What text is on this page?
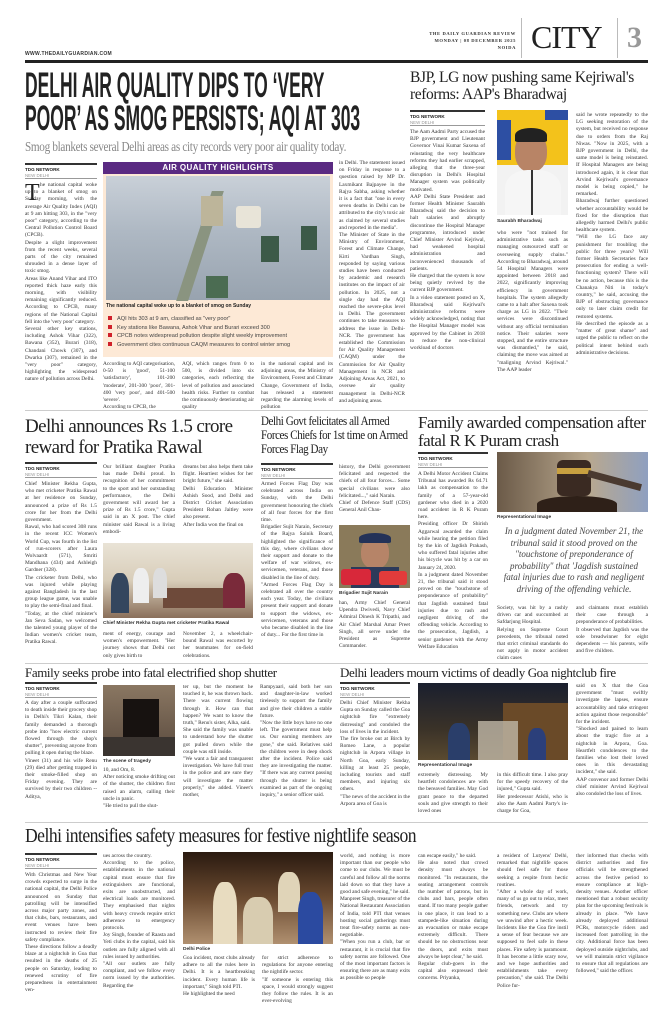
WWW.THEDAILYGUARDIAN.COM
THE DAILY GUARDIAN REVIEW
MONDAY | 08 DECEMBER 2025
NOIDA CITY 3
DELHI AIR QUALITY DIPS TO ‘VERY
POOR’ AS SMOG PERSISTS; AQI AT 303
Smog blankets several Delhi areas as city records very poor air quality today.
TDG NETWORK
NEW DELHI
T he national capital woke up to a blanket of smog on Sunday morning, with the average Air Quality Index (AQI) at 9 am hitting 303, in the "very poor" category, according to the Central Pollution Control Board (CPCB).
Despite a slight improvement from the recent weeks, several parts of the city remained shrouded in a dense layer of toxic smog.
Areas like Anand Vihar and ITO reported thick haze early this morning, with visibility remaining significantly reduced. According to CPCB, many regions of the National Capital fell into the 'very poor' category.
Several other key stations, including Ashok Vihar (322), Bawana (352), Burari (318), Chandani Chowk (307), and Dwarka (307), remained in the "very poor" category, highlighting the widespread nature of pollution across Delhi.
AIR QUALITY HIGHLIGHTS
The national capital woke up to a blanket of smog on Sunday
AQI hits 303 at 9 am, classified as "very poor"
Key stations like Bawana, Ashok Vihar and Burari exceed 300
CPCB notes widespread pollution despite slight weekly improvement
Government cites continuous CAQM measures to control winter smog
According to AQI categorisation, 0-50 is 'good', 51-100 'satisfactory', 101-200 'moderate', 201-300 'poor', 301-400 'very poor', and 401-500 'severe'.
According to CPCB, the
AQI, which ranges from 0 to 500, is divided into six categories, each reflecting the level of pollution and associated health risks. Further to combat the continuously deteriorating air quality
in the national capital and its adjoining areas, the Ministry of Environment, Forest and Climate Change, Government of India, has released a statement regarding the alarming levels of pollution
in Delhi. The statement issued on Friday in response to a question raised by MP Dr. Laxmikant Bajpayee in the Rajya Sabha, asking whether it is a fact that "one in every seven deaths in Delhi can be attributed to the city's toxic air as claimed by several studies and reported in the media".
The Minister of State in the Ministry of Environment, Forest and Climate Change, Kirti Vardhan Singh, responded by saying various studies have been conducted by academic and research institutes on the impact of air pollution. In 2025, not a single day had the AQI reached the severe-plus level in Delhi. The government continues to take measures to address the issue in Delhi-NCR. The government has established the Commission for Air Quality Management (CAQM) under the Commission for Air Quality Management in NCR and Adjoining Areas Act, 2021, to oversee air quality management in Delhi-NCR and adjoining areas.
BJP, LG now pushing same Kejriwal's reforms: AAP's Bharadwaj
TDG NETWORK
NEW DELHI
The Aam Aadmi Party accused the BJP government and Lieutenant Governor Vinai Kumar Saxena of reinstating the very healthcare reforms they had earlier scrapped, alleging that the three-year disruption in Delhi's Hospital Manager system was politically motivated.
AAP Delhi State President and former Health Minister Saurabh Bharadwaj said the decision to halt salaries and abruptly discontinue the Hospital Manager programme, introduced under Chief Minister Arvind Kejriwal, had weakened hospital administration and inconvenienced thousands of patients.
He charged that the system is now being quietly revived by the current BJP government.
In a video statement posted on X, Bharadwaj said Kejriwal's administrative reforms were widely acknowledged, noting that the Hospital Manager model was approved by the Cabinet in 2018 to reduce the non-clinical workload of doctors
Saurabh Bharadwaj
who were "not trained for administrative tasks such as managing outsourced staff or overseeing supply chains." According to Bharadwaj, around 54 Hospital Managers were appointed between 2018 and 2022, significantly improving efficiency in government hospitals. The system allegedly came to a halt after Saxena took charge as LG in 2022. "Their services were discontinued without any official termination notice. Their salaries were stopped, and the entire structure was dismantled," he said, claiming the move was aimed at "maligning Arvind Kejriwal." The AAP leader
said he wrote repeatedly to the LG seeking restoration of the system, but received no response due to orders from the Raj Niwas. "Now in 2025, with a BJP government in Delhi, the same model is being reinstated. If Hospital Managers are being introduced again, it is clear that Arvind Kejriwal's governance model is being copied," he remarked.
Bharadwaj further questioned whether accountability would be fixed for the disruption that allegedly harmed Delhi's public healthcare system.
"Will the LG face any punishment for troubling the public for three years? Will former Health Secretaries face prosecution for ending a well-functioning system? There will be no action, because this is the Chanakya Niti in today's country," he said, accusing the BJP of obstructing governance only to later claim credit for restored systems.
He described the episode as a "matter of great shame" and urged the public to reflect on the political intent behind such administrative decisions.
Delhi announces Rs 1.5 crore reward for Pratika Rawal
TDG NETWORK
NEW DELHI
Chief Minister Rekha Gupta, who met cricketer Pratika Rawal at her residence on Sunday, announced a prize of Rs 1.5 crore for her from the Delhi government.
Rawal, who had scored 308 runs in the recent ICC Women's World Cup, was fourth in the list of run-scorers after Laura Wolvaardt (571), Smriti Mandhana (434) and Ashleigh Gardner (328).
The cricketer from Delhi, who was injured while playing against Bangladesh in the last group league game, was unable to play the semi-final and final.
"Today, at the chief minister's Jan Seva Sadan, we welcomed the talented young player of the Indian women's cricket team, Pratika Rawal.
Our brilliant daughter Pratika has made Delhi proud. In recognition of her commitment to the sport and her outstanding performance, the Delhi government will award her a prize of Rs 1.5 crore," Gupta said in an X post. The chief minister said Rawal is a living embodi-
dreams but also helps them take flight. Heartiest wishes for her bright future," she said.
Delhi Education Minister Ashish Sood, and Delhi and District Cricket Association President Rohan Jaitley were also present.
After India won the final on
Chief Minister Rekha Gupta met cricketer Pratika Rawal
ment of energy, courage and women's empowerment. "Her journey shows that Delhi not only gives birth to
November 2, a wheelchair-bound Rawal was escorted by her teammates for on-field celebrations.
Delhi Govt felicitates all Armed Forces Chiefs for 1st time on Armed Forces Flag Day
TDG NETWORK
NEW DELHI
Armed Forces Flag Day was celebrated across India on Sunday, with the Delhi government honouring the chiefs of all four forces for the first time.
Brigadier Sujit Narain, Secretary of the Rajya Sainik Board, highlighted the significance of this day, where civilians show their support and donate to the welfare of war widows, ex-servicemen, veterans, and those disabled in the line of duty.
"Armed Forces Flag Day is celebrated all over the country each year. Today, the civilians present their support and donate to support the widows, ex-servicemen, veterans and those who became disabled in the line of duty... For the first time in
history, the Delhi government felicitated and respected the chiefs of all four forces... Some special civilians were also felicitated...," said Narain.
Chief of Defence Staff (CDS) General Anil Chau-
Brigadier Sujit Narain
han, Army Chief General Upendra Dwivedi, Navy Chief Admiral Dinesh K Tripathi, and Air Chief Marshal Amar Preet Singh, all serve under the President as Supreme Commander.
Family awarded compensation after fatal R K Puram crash
TDG NETWORK
NEW DELHI
A Delhi Motor Accident Claims Tribunal has awarded Rs 64.71 lakh as compensation to the family of a 57-year-old gardener who died in a 2020 road accident in R K Puram here.
Presiding officer Dr Shirish Aggarwal awarded the claim while hearing the petition filed by the kin of Jagdish Prakash, who suffered fatal injuries after his bicycle was hit by a car on January 24, 2020.
In a judgment dated November 21, the tribunal said it stood proved on the "touchstone of preponderance of probability" that Jagdish sustained fatal injuries due to rash and negligent driving of the offending vehicle. According to the prosecution, Jagdish, a senior gardener with the Army Welfare Education
Representational Image
In a judgment dated November 21, the tribunal said it stood proved on the "touchstone of preponderance of probability" that 'Jagdish sustained fatal injuries due to rash and negligent driving of the offending vehicle.
Society, was hit by a rashly driven car and succumbed at Safdarjung Hospital.
Relying on Supreme Court precedents, the tribunal noted that strict criminal standards do not apply in motor accident claim cases
and claimants must establish their case through a preponderance of probabilities.
It observed that Jagdish was the sole breadwinner for eight dependents — his parents, wife and five children.
Family seeks probe into fatal electrified shop shutter
TDG NETWORK
NEW DELHI
A day after a couple suffocated to death inside their grocery shop in Delhi's Tikri Kalan, their family demanded a thorough probe into "how electric current flowed through the shop's shutter", preventing anyone from pulling it open during the blaze.
Vineet (31) and his wife Renu (29) died after getting trapped in their smoke-filled shop on Friday evening. They are survived by their two children -- Aditya,
The scene of tragedy
10, and Om, 8.
After noticing smoke drifting out of the shutter, the children first raised an alarm, calling their uncle in panic.
"He tried to pull the shut-
ter up, but the moment he touched it, he was thrown back. There was current flowing through it. How can that happen? We want to know the truth," Renu's sister, Alka, said.
She said the family was unable to understand how the shutter got pulled down while the couple was still inside.
"We want a fair and transparent investigation. We have full trust in the police and are sure they will investigate the matter properly," she added. Vineet's mother,
Rampyaari, said both her son and daughter-in-law worked tirelessly to support the family and give their children a stable future.
"Now the little boys have no one left. The government must help us. Our earning members are gone," she said. Relatives said the children were in deep shock after the incident. Police said they are investigating the matter. "If there was any current passing through the shutter is being examined as part of the ongoing inquiry," a senior officer said.
Delhi leaders mourn victims of deadly Goa nightclub fire
TDG NETWORK
NEW DELHI
Delhi Chief Minister Rekha Gupta on Sunday called the Goa nightclub fire "extremely distressing" and condoled the loss of lives in the incident.
The fire broke out at Birch by Romeo Lane, a popular nightclub in Arpora village in North Goa, early Sunday, killing at least 25 people, including tourists and staff members, and injuring six others.
"The news of the accident in the Arpora area of Goa is
Representational Image
extremely distressing. My heartfelt condolences are with the bereaved families. May God grant peace to the departed souls and give strength to their loved ones
in this difficult time. I also pray for the speedy recovery of the injured," Gupta said.
Her predecessor Atishi, who is also the Aam Aadmi Party's in-charge for Goa,
said on X that the Goa government "must swiftly investigate the lapses, ensure accountability and take stringent action against those responsible" for the incident.
"Shocked and pained to learn about the tragic fire at a nightclub in Arpora, Goa. Heartfelt condolences to the families who lost their loved ones in this devastating incident," she said.
AAP convenor and former Delhi chief minister Arvind Kejriwal also condoled the loss of lives.
Delhi intensifies safety measures for festive nightlife season
TDG NETWORK
NEW DELHI
With Christmas and New Year crowds expected to surge in the national capital, the Delhi Police announced on Sunday that patrolling will be intensified across major party zones, and that clubs, bars, restaurants, and event venues have been instructed to review their fire safety compliance.
These directions follow a deadly blaze at a nightclub in Goa that resulted in the deaths of 25 people on Saturday, leading to renewed scrutiny of fire preparedness in entertainment ven-
ues across the country.
According to the police, establishments in the national capital must ensure that fire extinguishers are functional, exits are unobstructed, and electrical loads are monitored. They emphasised that nights with heavy crowds require strict adherence to emergency protocols.
Joy Singh, founder of Raasta and Yeti clubs in the capital, said his outlets are fully aligned with all rules issued by authorities.
"All our outlets are fully compliant, and we follow every norm issued by the authorities. Regarding the
Delhi Police
Goa incident, most clubs already adhere to all the rules here in Delhi. It is a heartbreaking incident. Every human life is important," Singh told PTI.
He highlighted the need
for strict adherence to regulations for anyone entering the nightlife sector.
"If someone is entering this space, I would strongly suggest they follow the rules. It is an ever-evolving
world, and nothing is more important than our people who come to our clubs. We must be careful and follow all the norms laid down so that they have a good and safe evening," he said.
Manpreet Singh, treasurer of the National Restaurant Association of India, told PTI that venues hosting social gatherings must treat fire-safety norms as non-negotiable.
"When you run a club, bar or restaurant, it is crucial that fire safety norms are followed. One of the most important factors is ensuring there are as many exits as possible so people
can escape easily," he said.
He also noted that crowd density must always be monitored. "In restaurants, the seating arrangement controls the number of patrons, but in clubs and bars, people often stand. If too many people gather in one place, it can lead to a stampede-like situation during an evacuation or make escape extremely difficult. There should be no obstructions near the doors, and exits must always be kept clear," he said.
Regular club-goers in the capital also expressed their concerns. Priyanka,
a resident of Lutyens' Delhi, remarked that nightlife spaces should feel safe for those seeking a respite from hectic routines.
"After a whole day of work, many of us go out to relax, meet friends, network and try something new. Clubs are where we unwind after a hectic week. Incidents like the Goa fire instil a sense of fear because we are supposed to feel safe in these places. Fire safety is paramount. It has become a little scary now, and we hope authorities and establishments take every precaution," she said. The Delhi Police fur-
ther informed that checks with district authorities and fire officials will be strengthened across the festive period to ensure compliance at high-density venues. Another officer mentioned that a robust security plan for the upcoming festivals is already in place. "We have already deployed additional PCRs, motorcycle riders and increased foot patrolling in the city. Additional force has been deployed outside nightclubs, and we will maintain strict vigilance to ensure that all regulations are followed," said the officer.
